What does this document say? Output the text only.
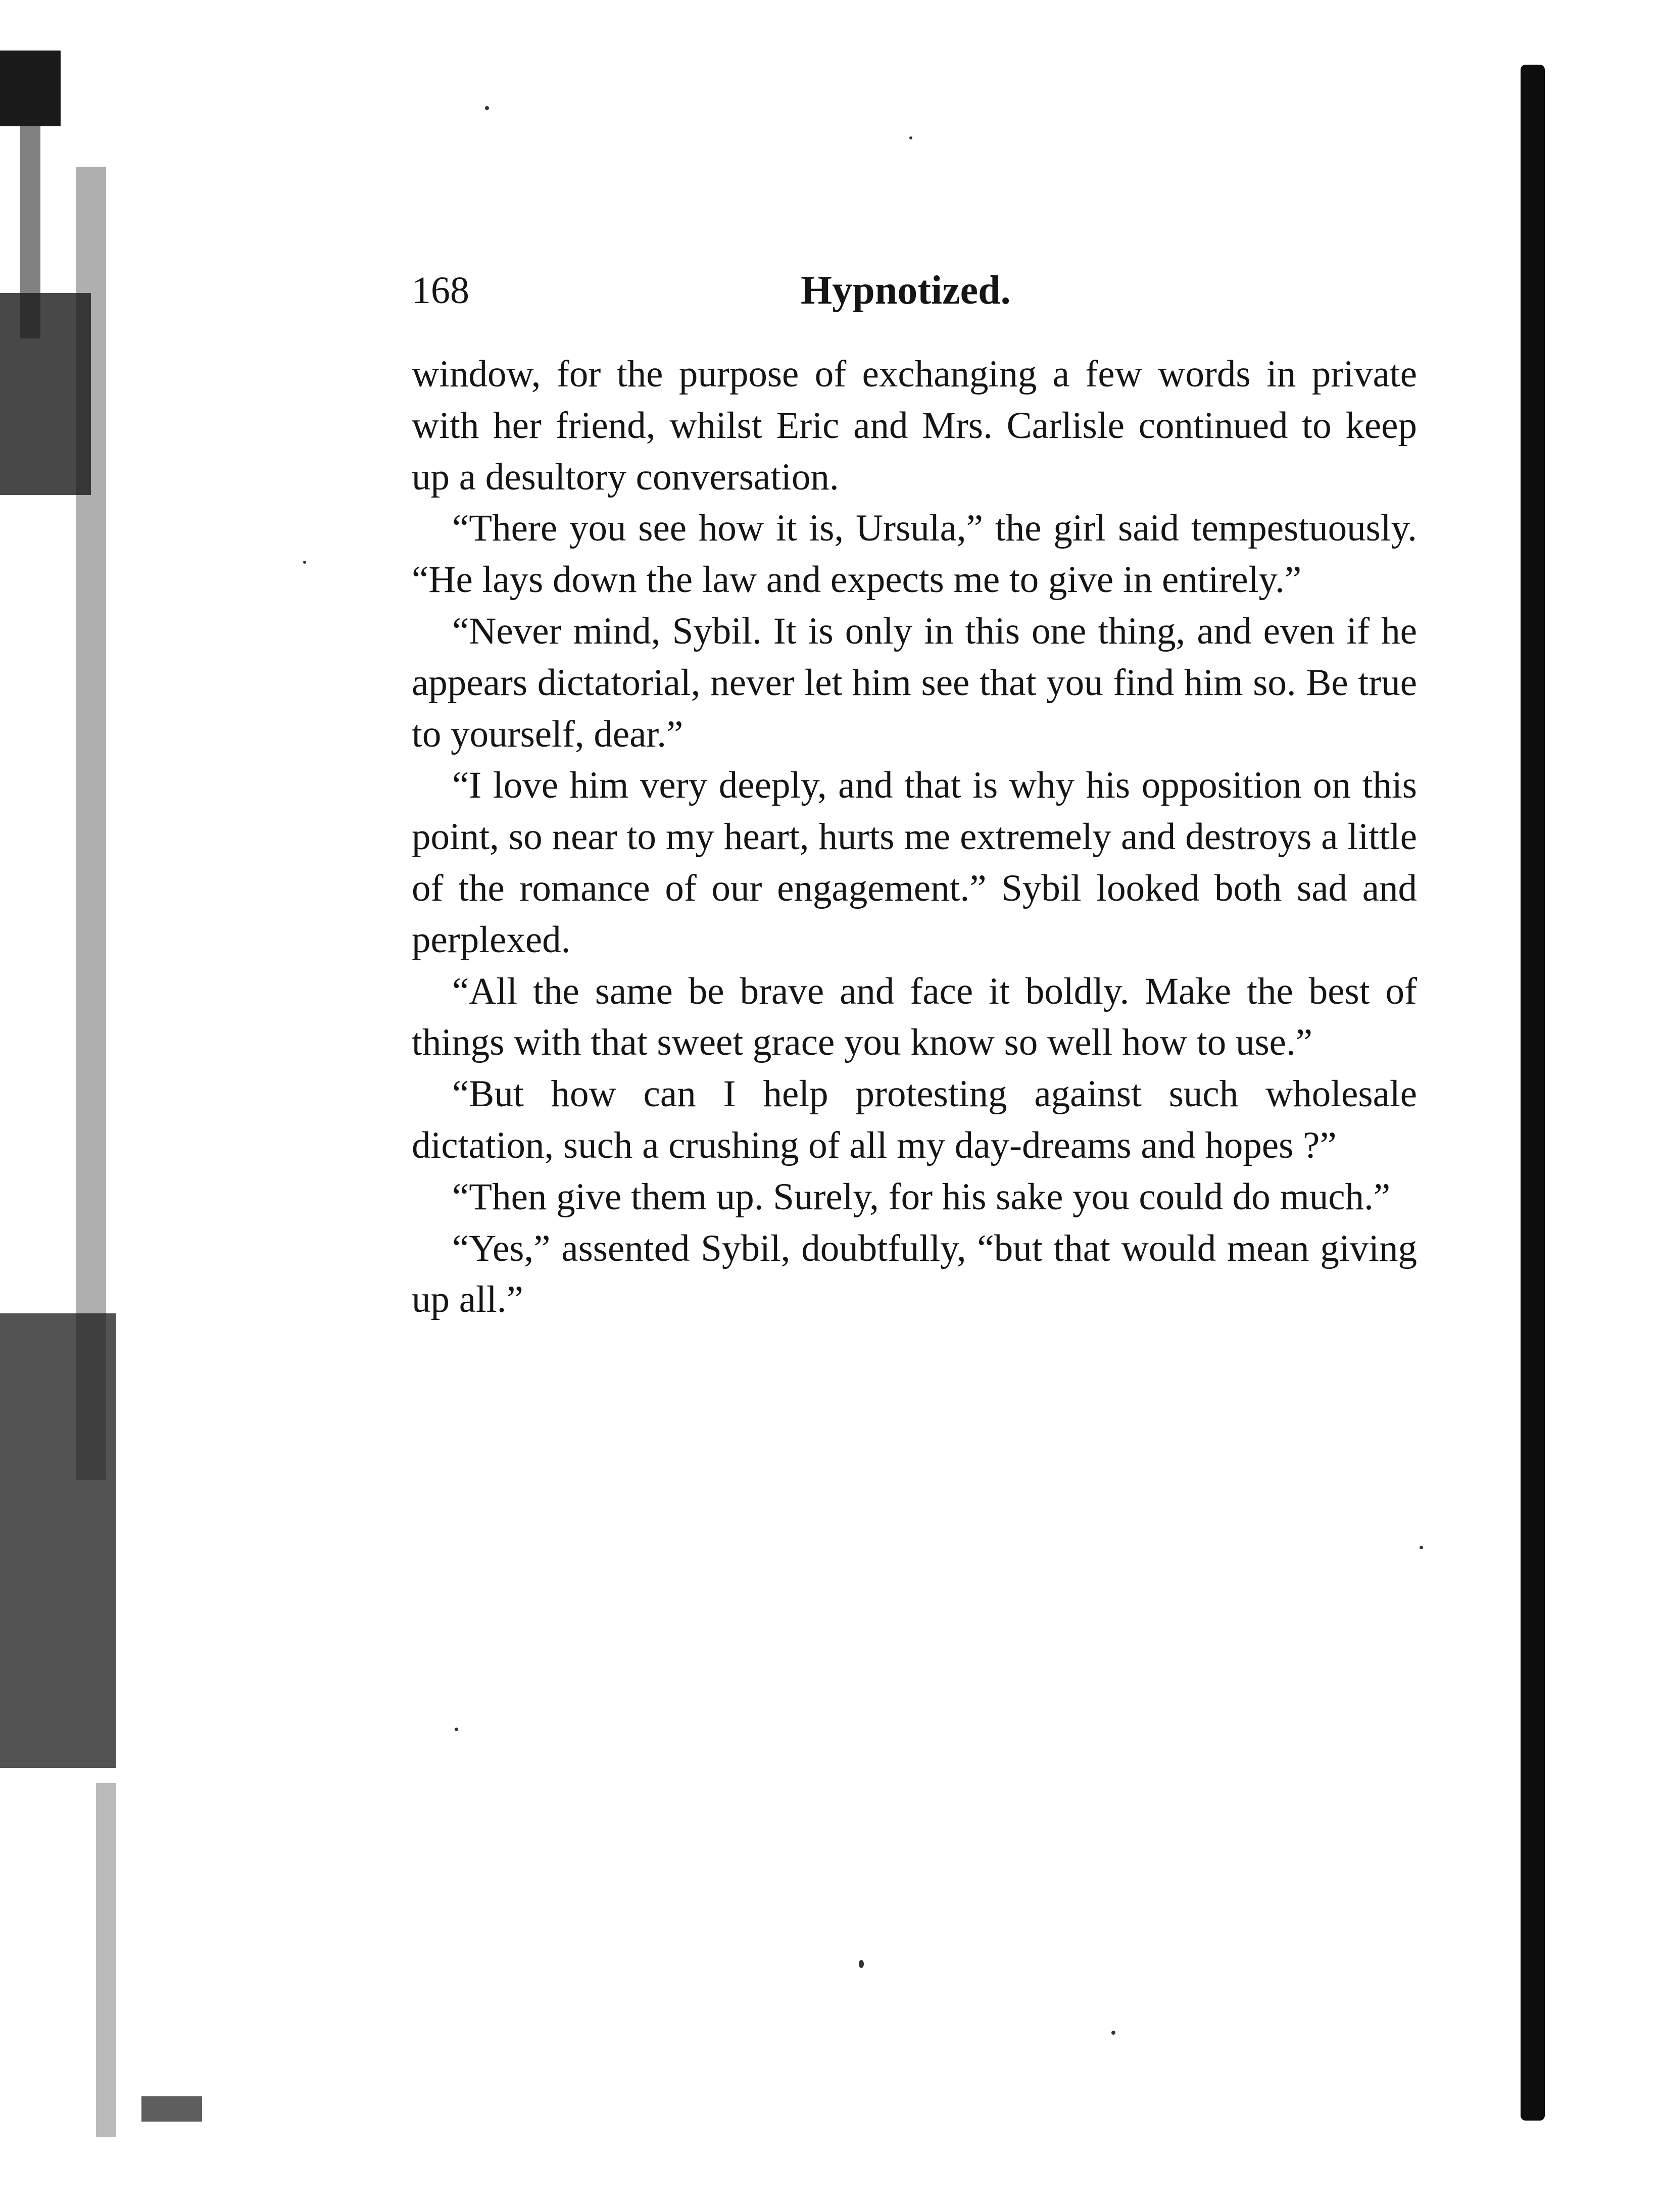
168	Hypnotized.

window, for the purpose of exchanging a few words in private with her friend, whilst Eric and Mrs. Carlisle continued to keep up a desultory conversation.

“There you see how it is, Ursula,” the girl said tempestuously. “He lays down the law and expects me to give in entirely.”

“Never mind, Sybil. It is only in this one thing, and even if he appears dictatorial, never let him see that you find him so. Be true to yourself, dear.”

“I love him very deeply, and that is why his opposition on this point, so near to my heart, hurts me extremely and destroys a little of the romance of our engagement.” Sybil looked both sad and perplexed.

“All the same be brave and face it boldly. Make the best of things with that sweet grace you know so well how to use.”

“But how can I help protesting against such wholesale dictation, such a crushing of all my day-dreams and hopes ?”

“Then give them up. Surely, for his sake you could do much.”

“Yes,” assented Sybil, doubtfully, “but that would mean giving up all.”
